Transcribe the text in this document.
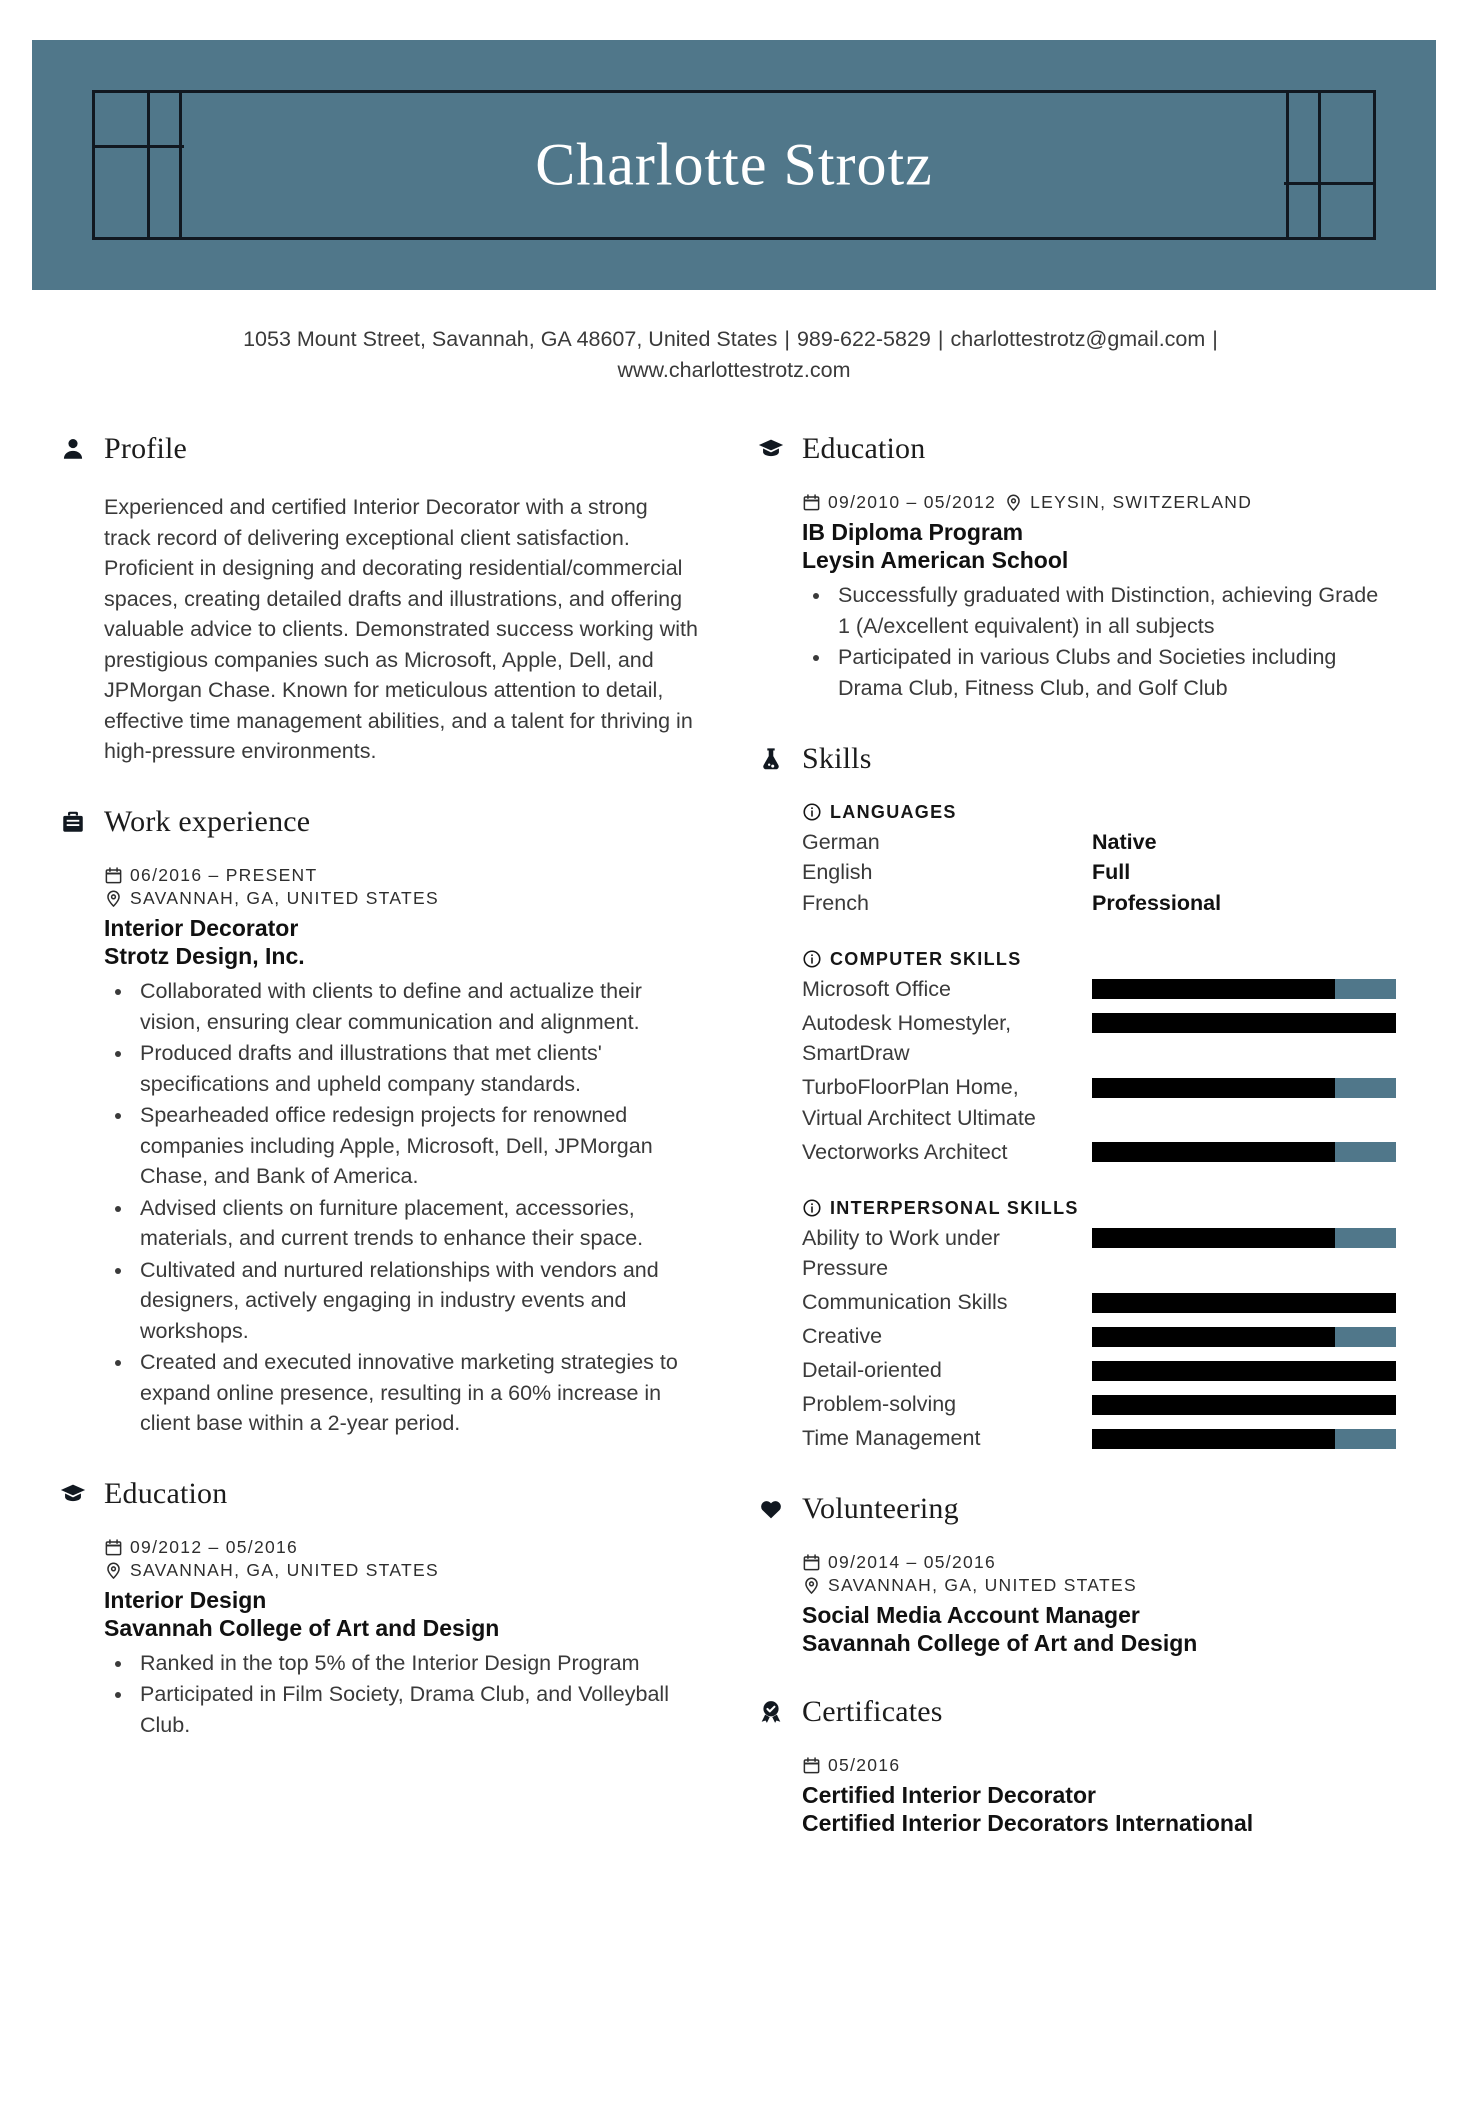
Charlotte Strotz
1053 Mount Street, Savannah, GA 48607, United States | 989-622-5829 | charlottestrotz@gmail.com |
www.charlottestrotz.com
Profile
Experienced and certified Interior Decorator with a strong track record of delivering exceptional client satisfaction. Proficient in designing and decorating residential/commercial spaces, creating detailed drafts and illustrations, and offering valuable advice to clients. Demonstrated success working with prestigious companies such as Microsoft, Apple, Dell, and JPMorgan Chase. Known for meticulous attention to detail, effective time management abilities, and a talent for thriving in high-pressure environments.
Work experience
06/2016 – PRESENT
SAVANNAH, GA, UNITED STATES
Interior Decorator
Strotz Design, Inc.
• Collaborated with clients to define and actualize their vision, ensuring clear communication and alignment.
• Produced drafts and illustrations that met clients' specifications and upheld company standards.
• Spearheaded office redesign projects for renowned companies including Apple, Microsoft, Dell, JPMorgan Chase, and Bank of America.
• Advised clients on furniture placement, accessories, materials, and current trends to enhance their space.
• Cultivated and nurtured relationships with vendors and designers, actively engaging in industry events and workshops.
• Created and executed innovative marketing strategies to expand online presence, resulting in a 60% increase in client base within a 2-year period.
Education
09/2012 – 05/2016
SAVANNAH, GA, UNITED STATES
Interior Design
Savannah College of Art and Design
• Ranked in the top 5% of the Interior Design Program
• Participated in Film Society, Drama Club, and Volleyball Club.
Education
09/2010 – 05/2012 LEYSIN, SWITZERLAND
IB Diploma Program
Leysin American School
• Successfully graduated with Distinction, achieving Grade 1 (A/excellent equivalent) in all subjects
• Participated in various Clubs and Societies including Drama Club, Fitness Club, and Golf Club
Skills
LANGUAGES
German	Native
English	Full
French	Professional
COMPUTER SKILLS
Microsoft Office
Autodesk Homestyler, SmartDraw
TurboFloorPlan Home, Virtual Architect Ultimate
Vectorworks Architect
INTERPERSONAL SKILLS
Ability to Work under Pressure
Communication Skills
Creative
Detail-oriented
Problem-solving
Time Management
Volunteering
09/2014 – 05/2016
SAVANNAH, GA, UNITED STATES
Social Media Account Manager
Savannah College of Art and Design
Certificates
05/2016
Certified Interior Decorator
Certified Interior Decorators International
